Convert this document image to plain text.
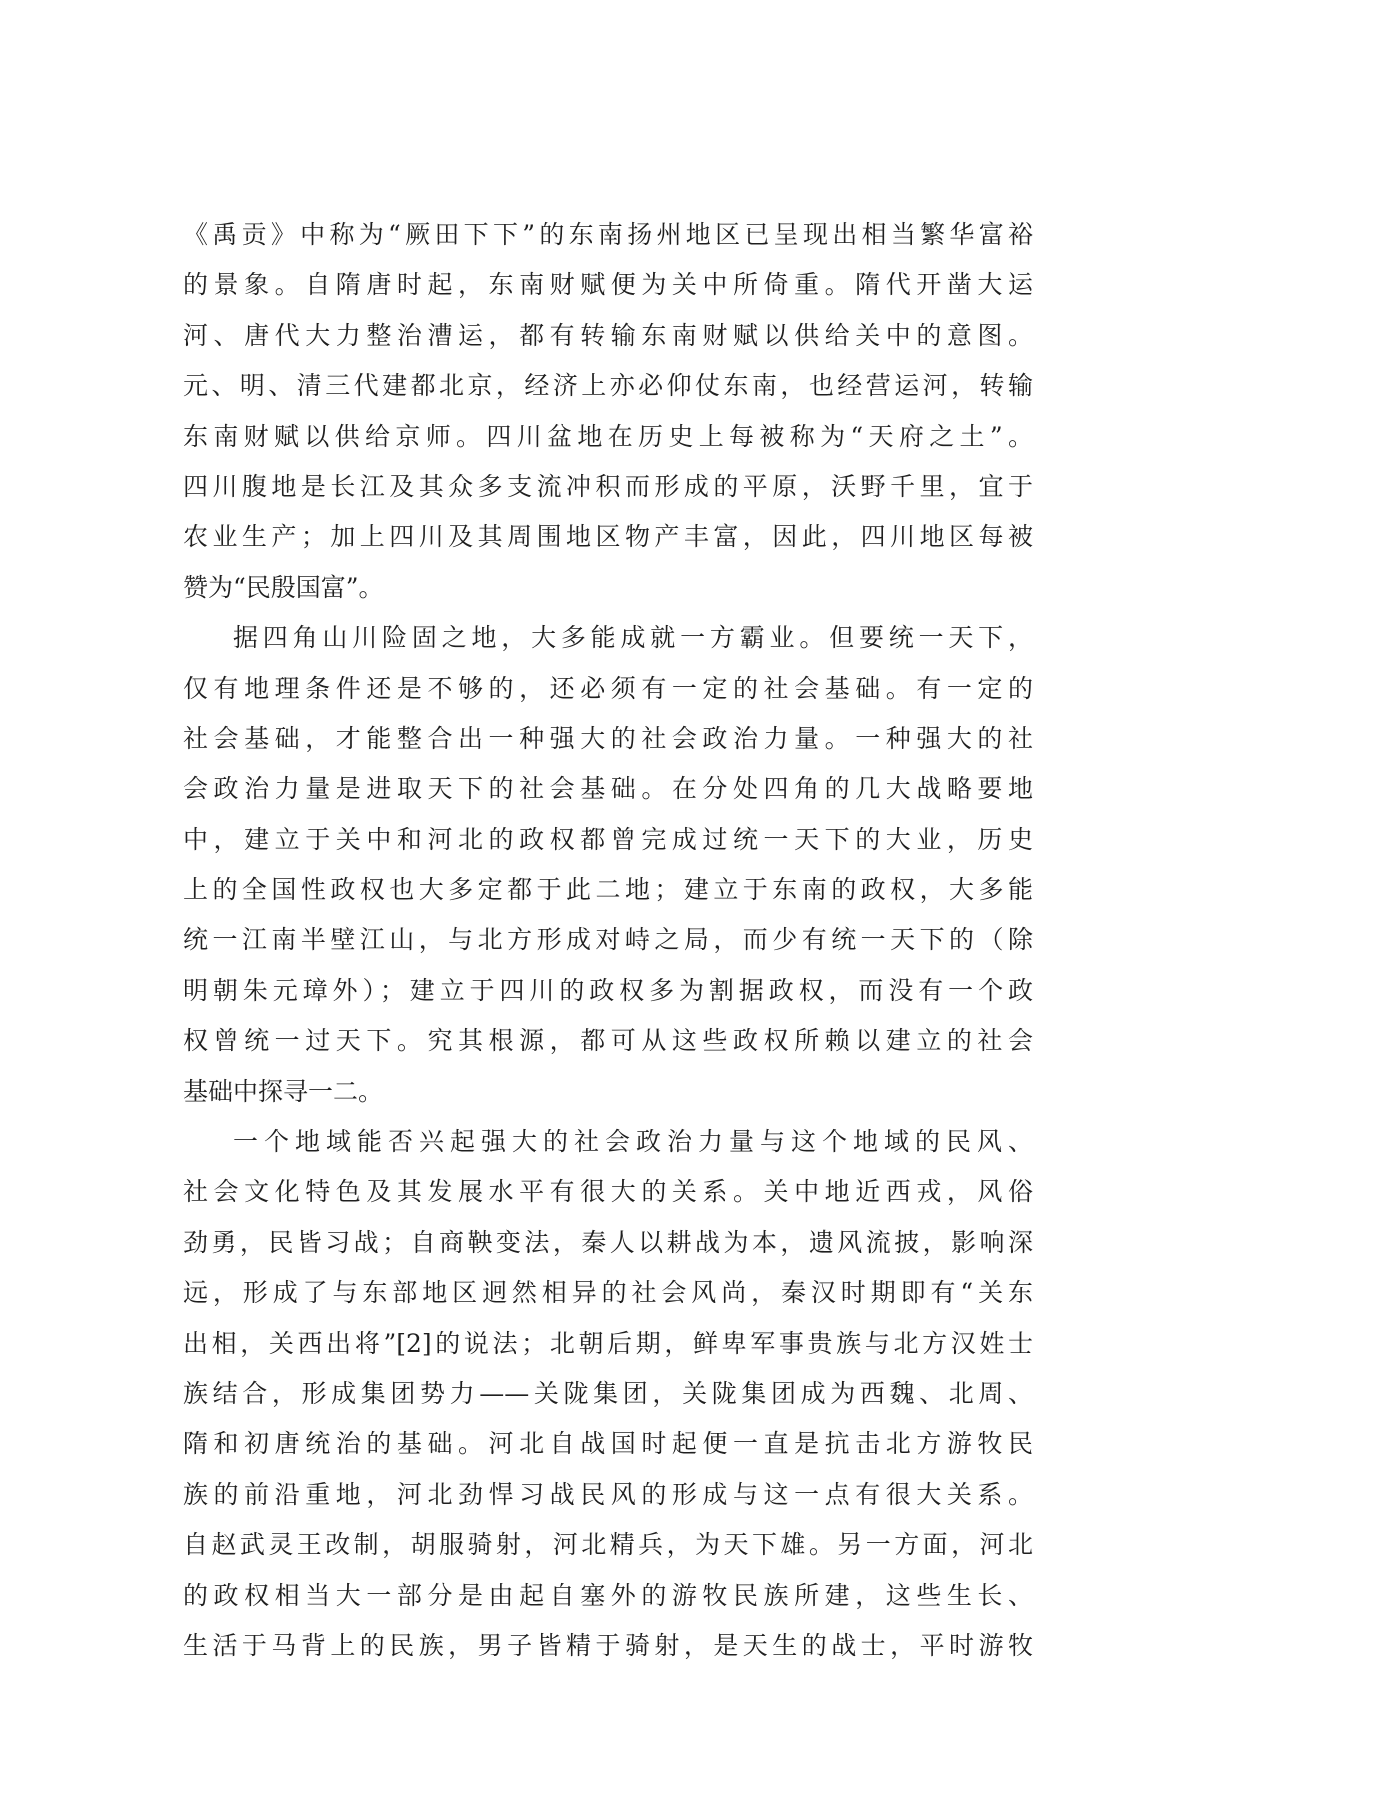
《禹贡》中称为“厥田下下”的东南扬州地区已呈现出相当繁华富裕
的景象。自隋唐时起，东南财赋便为关中所倚重。隋代开凿大运
河、唐代大力整治漕运，都有转输东南财赋以供给关中的意图。
元、明、清三代建都北京，经济上亦必仰仗东南，也经营运河，转输
东南财赋以供给京师。四川盆地在历史上每被称为“天府之土”。
四川腹地是长江及其众多支流冲积而形成的平原，沃野千里，宜于
农业生产；加上四川及其周围地区物产丰富，因此，四川地区每被
赞为“民殷国富”。
据四角山川险固之地，大多能成就一方霸业。但要统一天下，
仅有地理条件还是不够的，还必须有一定的社会基础。有一定的
社会基础，才能整合出一种强大的社会政治力量。一种强大的社
会政治力量是进取天下的社会基础。在分处四角的几大战略要地
中，建立于关中和河北的政权都曾完成过统一天下的大业，历史
上的全国性政权也大多定都于此二地；建立于东南的政权，大多能
统一江南半壁江山，与北方形成对峙之局，而少有统一天下的（除
明朝朱元璋外）；建立于四川的政权多为割据政权，而没有一个政
权曾统一过天下。究其根源，都可从这些政权所赖以建立的社会
基础中探寻一二。
一个地域能否兴起强大的社会政治力量与这个地域的民风、
社会文化特色及其发展水平有很大的关系。关中地近西戎，风俗
劲勇，民皆习战；自商鞅变法，秦人以耕战为本，遗风流披，影响深
远，形成了与东部地区迥然相异的社会风尚，秦汉时期即有“关东
出相，关西出将”[2]的说法；北朝后期，鲜卑军事贵族与北方汉姓士
族结合，形成集团势力——关陇集团，关陇集团成为西魏、北周、
隋和初唐统治的基础。河北自战国时起便一直是抗击北方游牧民
族的前沿重地，河北劲悍习战民风的形成与这一点有很大关系。
自赵武灵王改制，胡服骑射，河北精兵，为天下雄。另一方面，河北
的政权相当大一部分是由起自塞外的游牧民族所建，这些生长、
生活于马背上的民族，男子皆精于骑射，是天生的战士，平时游牧
